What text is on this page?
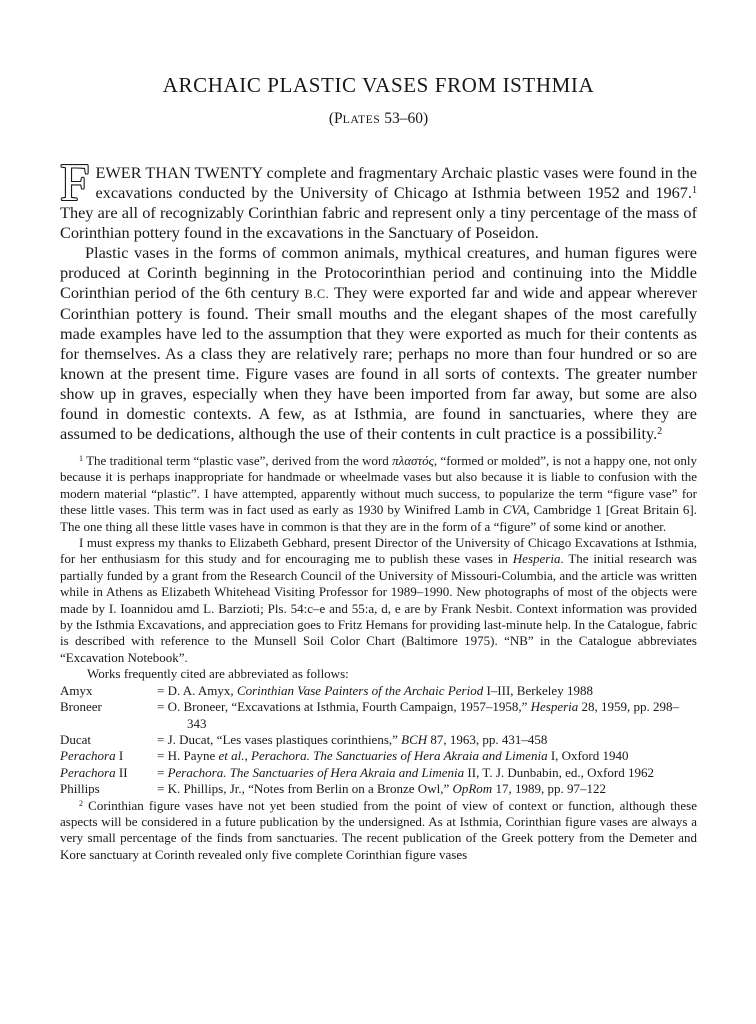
ARCHAIC PLASTIC VASES FROM ISTHMIA
(PLATES 53–60)

FEWER THAN TWENTY complete and fragmentary Archaic plastic vases were found in the excavations conducted by the University of Chicago at Isthmia between 1952 and 1967.$^1$ They are all of recognizably Corinthian fabric and represent only a tiny percentage of the mass of Corinthian pottery found in the excavations in the Sanctuary of Poseidon.

Plastic vases in the forms of common animals, mythical creatures, and human figures were produced at Corinth beginning in the Protocorinthian period and continuing into the Middle Corinthian period of the 6th century B.C. They were exported far and wide and appear wherever Corinthian pottery is found. Their small mouths and the elegant shapes of the most carefully made examples have led to the assumption that they were exported as much for their contents as for themselves. As a class they are relatively rare; perhaps no more than four hundred or so are known at the present time. Figure vases are found in all sorts of contexts. The greater number show up in graves, especially when they have been imported from far away, but some are also found in domestic contexts. A few, as at Isthmia, are found in sanctuaries, where they are assumed to be dedications, although the use of their contents in cult practice is a possibility.$^2$

$^1$ The traditional term “plastic vase”, derived from the word πλαστός, “formed or molded”, is not a happy one, not only because it is perhaps inappropriate for handmade or wheelmade vases but also because it is liable to confusion with the modern material “plastic”. I have attempted, apparently without much success, to popularize the term “figure vase” for these little vases. This term was in fact used as early as 1930 by Winifred Lamb in CVA, Cambridge 1 [Great Britain 6]. The one thing all these little vases have in common is that they are in the form of a “figure” of some kind or another.

I must express my thanks to Elizabeth Gebhard, present Director of the University of Chicago Excavations at Isthmia, for her enthusiasm for this study and for encouraging me to publish these vases in Hesperia. The initial research was partially funded by a grant from the Research Council of the University of Missouri-Columbia, and the article was written while in Athens as Elizabeth Whitehead Visiting Professor for 1989–1990. New photographs of most of the objects were made by I. Ioannidou amd L. Barzioti; Pls. 54:c–e and 55:a, d, e are by Frank Nesbit. Context information was provided by the Isthmia Excavations, and appreciation goes to Fritz Hemans for providing last-minute help. In the Catalogue, fabric is described with reference to the Munsell Soil Color Chart (Baltimore 1975). “NB” in the Catalogue abbreviates “Excavation Notebook”.

Works frequently cited are abbreviated as follows:

Amyx	= D. A. Amyx, Corinthian Vase Painters of the Archaic Period I–III, Berkeley 1988
Broneer	= O. Broneer, “Excavations at Isthmia, Fourth Campaign, 1957–1958,” Hesperia 28, 1959, pp. 298–343
Ducat	= J. Ducat, “Les vases plastiques corinthiens,” BCH 87, 1963, pp. 431–458
Perachora I	= H. Payne et al., Perachora. The Sanctuaries of Hera Akraia and Limenia I, Oxford 1940
Perachora II	= Perachora. The Sanctuaries of Hera Akraia and Limenia II, T. J. Dunbabin, ed., Oxford 1962
Phillips	= K. Phillips, Jr., “Notes from Berlin on a Bronze Owl,” OpRom 17, 1989, pp. 97–122

$^2$ Corinthian figure vases have not yet been studied from the point of view of context or function, although these aspects will be considered in a future publication by the undersigned. As at Isthmia, Corinthian figure vases are always a very small percentage of the finds from sanctuaries. The recent publication of the Greek pottery from the Demeter and Kore sanctuary at Corinth revealed only five complete Corinthian figure vases
